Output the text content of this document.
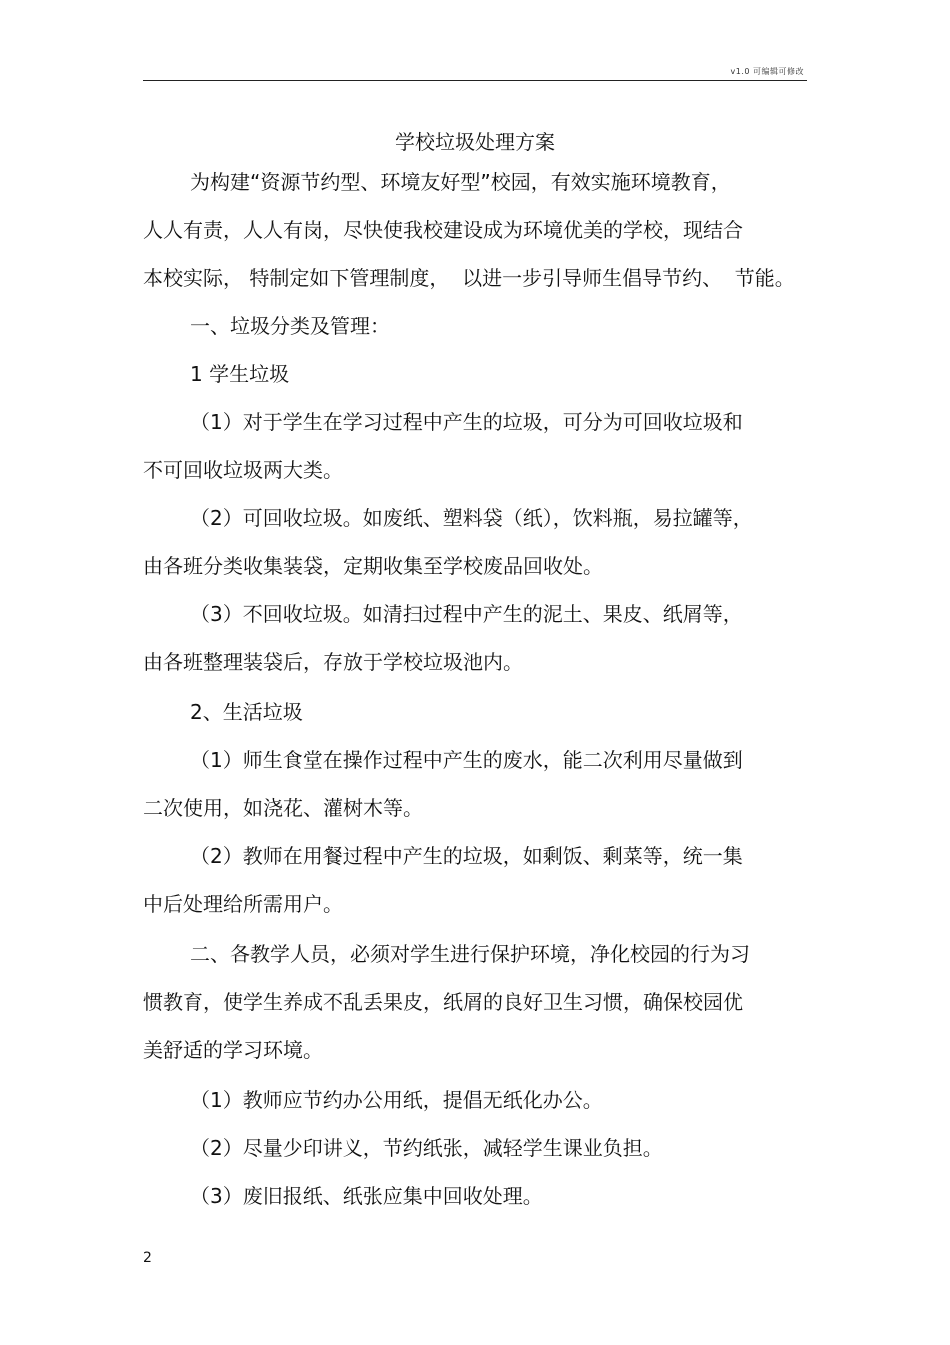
v1.0 可编辑可修改
学校垃圾处理方案
为构建“资源节约型、环境友好型”校园，有效实施环境教育，
人人有责，人人有岗，尽快使我校建设成为环境优美的学校，现结合
本校实际， 特制定如下管理制度，  以进一步引导师生倡导节约、  节能。
一、垃圾分类及管理：
1 学生垃圾
（1）对于学生在学习过程中产生的垃圾，可分为可回收垃圾和
不可回收垃圾两大类。
（2）可回收垃圾。如废纸、塑料袋（纸），饮料瓶，易拉罐等，
由各班分类收集装袋，定期收集至学校废品回收处。
（3）不回收垃圾。如清扫过程中产生的泥土、果皮、纸屑等，
由各班整理装袋后，存放于学校垃圾池内。
2、生活垃圾
（1）师生食堂在操作过程中产生的废水，能二次利用尽量做到
二次使用，如浇花、灌树木等。
（2）教师在用餐过程中产生的垃圾，如剩饭、剩菜等，统一集
中后处理给所需用户。
二、各教学人员，必须对学生进行保护环境，净化校园的行为习
惯教育，使学生养成不乱丢果皮，纸屑的良好卫生习惯，确保校园优
美舒适的学习环境。
（1）教师应节约办公用纸，提倡无纸化办公。
（2）尽量少印讲义，节约纸张，减轻学生课业负担。
（3）废旧报纸、纸张应集中回收处理。
2
